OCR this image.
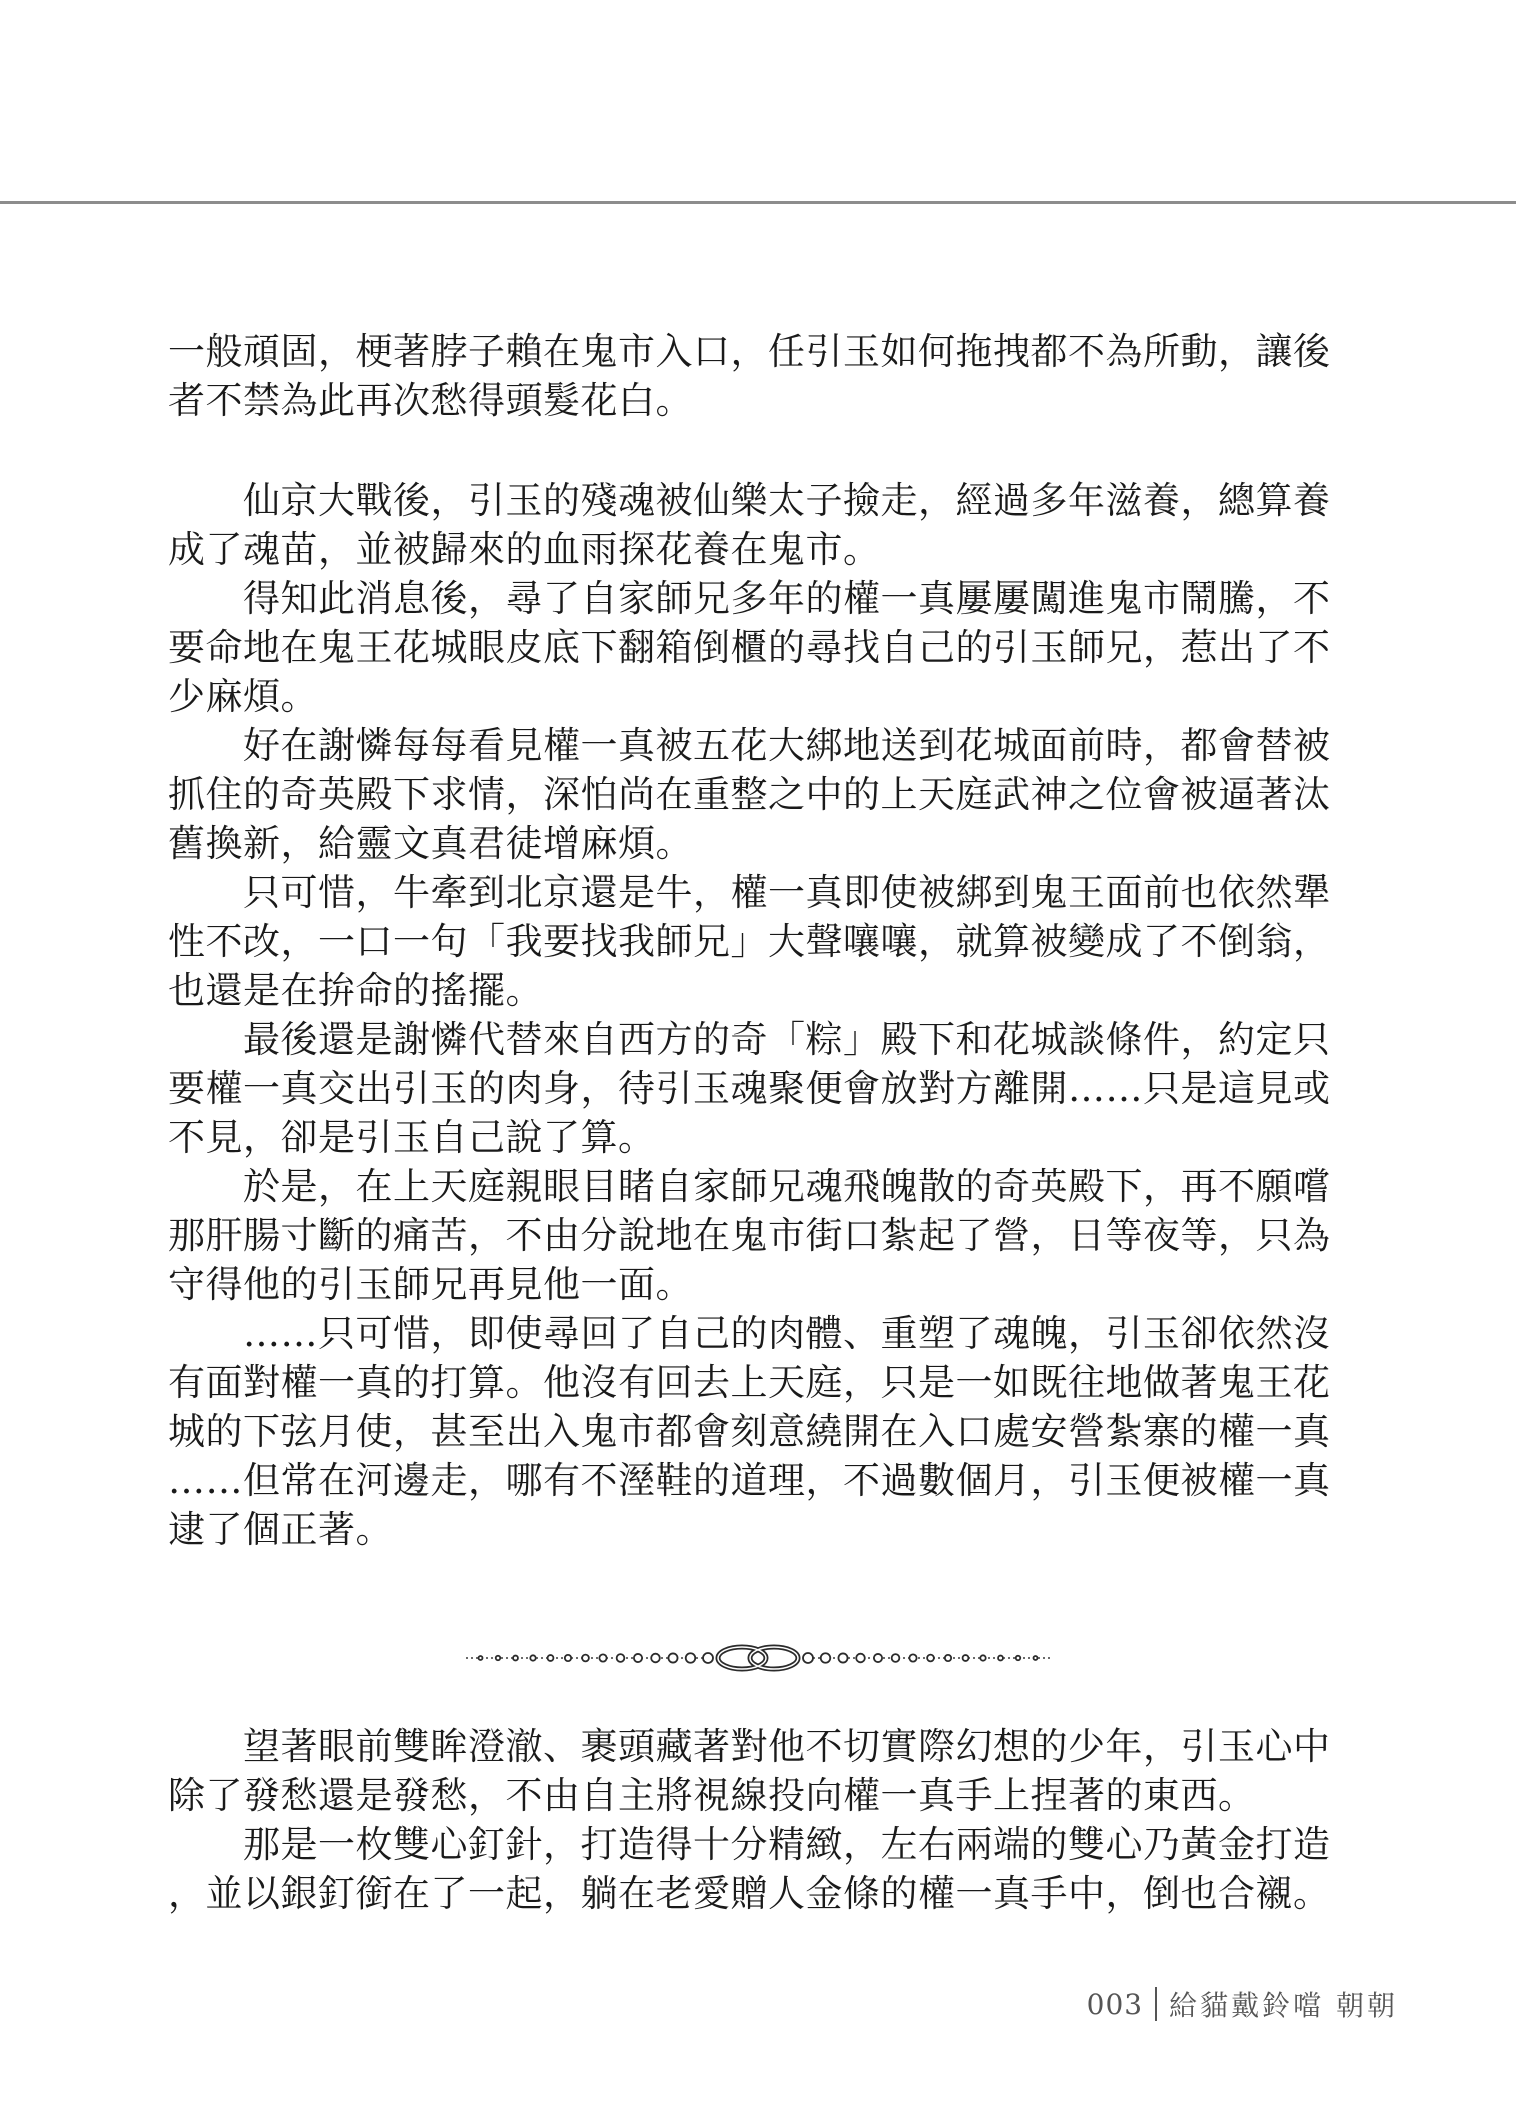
一般頑固，梗著脖子賴在鬼市入口，任引玉如何拖拽都不為所動，讓後
者不禁為此再次愁得頭髮花白。
　　仙京大戰後，引玉的殘魂被仙樂太子撿走，經過多年滋養，總算養
成了魂苗，並被歸來的血雨探花養在鬼市。
　　得知此消息後，尋了自家師兄多年的權一真屢屢闖進鬼市鬧騰，不
要命地在鬼王花城眼皮底下翻箱倒櫃的尋找自己的引玉師兄，惹出了不
少麻煩。
　　好在謝憐每每看見權一真被五花大綁地送到花城面前時，都會替被
抓住的奇英殿下求情，深怕尚在重整之中的上天庭武神之位會被逼著汰
舊換新，給靈文真君徒增麻煩。
　　只可惜，牛牽到北京還是牛，權一真即使被綁到鬼王面前也依然犟
性不改，一口一句「我要找我師兄」大聲嚷嚷，就算被變成了不倒翁，
也還是在拚命的搖擺。
　　最後還是謝憐代替來自西方的奇「粽」殿下和花城談條件，約定只
要權一真交出引玉的肉身，待引玉魂聚便會放對方離開……只是這見或
不見，卻是引玉自己說了算。
　　於是，在上天庭親眼目睹自家師兄魂飛魄散的奇英殿下，再不願嚐
那肝腸寸斷的痛苦，不由分說地在鬼市街口紮起了營，日等夜等，只為
守得他的引玉師兄再見他一面。
　　……只可惜，即使尋回了自己的肉體、重塑了魂魄，引玉卻依然沒
有面對權一真的打算。他沒有回去上天庭，只是一如既往地做著鬼王花
城的下弦月使，甚至出入鬼市都會刻意繞開在入口處安營紮寨的權一真
……但常在河邊走，哪有不溼鞋的道理，不過數個月，引玉便被權一真
逮了個正著。
　　望著眼前雙眸澄澈、裹頭藏著對他不切實際幻想的少年，引玉心中
除了發愁還是發愁，不由自主將視線投向權一真手上捏著的東西。
　　那是一枚雙心釘針，打造得十分精緻，左右兩端的雙心乃黃金打造
，並以銀釘銜在了一起，躺在老愛贈人金條的權一真手中，倒也合襯。
003 給貓戴鈴噹 朝朝
